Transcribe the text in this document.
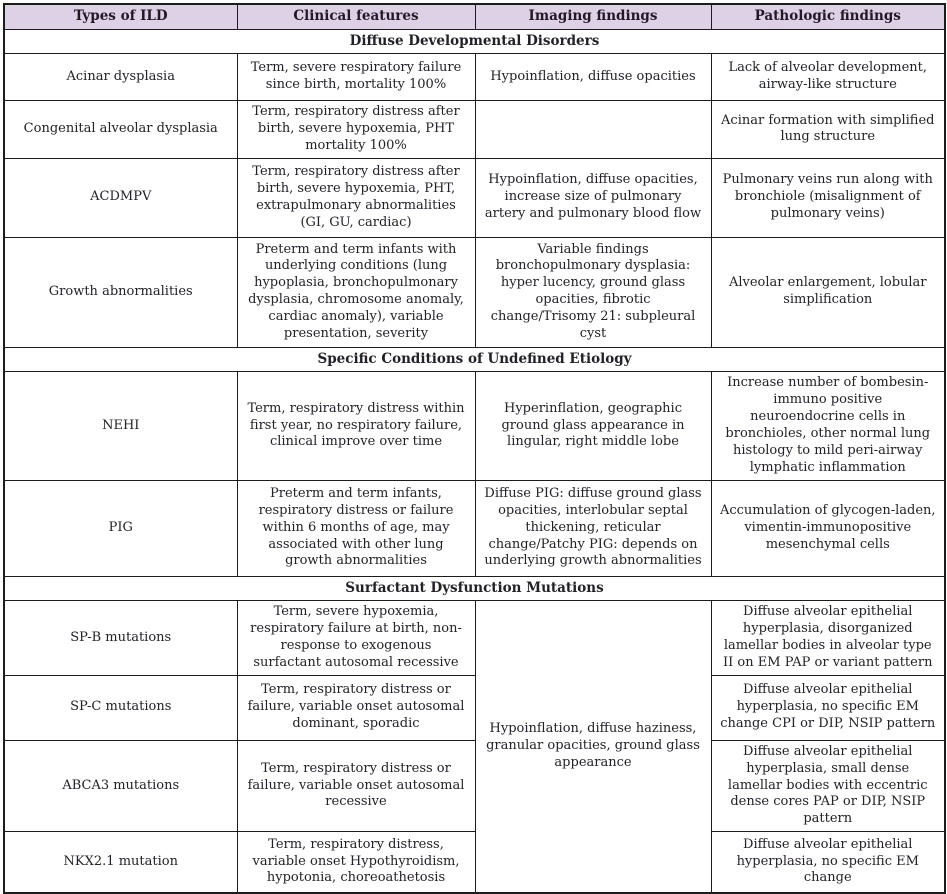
Types of ILD	Clinical features	Imaging findings	Pathologic findings
Diffuse Developmental Disorders			
Acinar dysplasia	Term, severe respiratory failure since birth, mortality 100%	Hypoinflation, diffuse opacities	Lack of alveolar development, airway-like structure
Congenital alveolar dysplasia	Term, respiratory distress after birth, severe hypoxemia, PHT mortality 100%		Acinar formation with simplified lung structure
ACDMPV	Term, respiratory distress after birth, severe hypoxemia, PHT, extrapulmonary abnormalities (GI, GU, cardiac)	Hypoinflation, diffuse opacities, increase size of pulmonary artery and pulmonary blood flow	Pulmonary veins run along with bronchiole (misalignment of pulmonary veins)
Growth abnormalities	Preterm and term infants with underlying conditions (lung hypoplasia, bronchopulmonary dysplasia, chromosome anomaly, cardiac anomaly), variable presentation, severity	Variable findings bronchopulmonary dysplasia: hyper lucency, ground glass opacities, fibrotic change/Trisomy 21: subpleural cyst	Alveolar enlargement, lobular simplification
Specific Conditions of Undefined Etiology			
NEHI	Term, respiratory distress within first year, no respiratory failure, clinical improve over time	Hyperinflation, geographic ground glass appearance in lingular, right middle lobe	Increase number of bombesin-immuno positive neuroendocrine cells in bronchioles, other normal lung histology to mild peri-airway lymphatic inflammation
PIG	Preterm and term infants, respiratory distress or failure within 6 months of age, may associated with other lung growth abnormalities	Diffuse PIG: diffuse ground glass opacities, interlobular septal thickening, reticular change/Patchy PIG: depends on underlying growth abnormalities	Accumulation of glycogen-laden, vimentin-immunopositive mesenchymal cells
Surfactant Dysfunction Mutations			
SP-B mutations	Term, severe hypoxemia, respiratory failure at birth, non-response to exogenous surfactant autosomal recessive	Hypoinflation, diffuse haziness, granular opacities, ground glass appearance	Diffuse alveolar epithelial hyperplasia, disorganized lamellar bodies in alveolar type II on EM PAP or variant pattern
SP-C mutations	Term, respiratory distress or failure, variable onset autosomal dominant, sporadic		Diffuse alveolar epithelial hyperplasia, no specific EM change CPI or DIP, NSIP pattern
ABCA3 mutations	Term, respiratory distress or failure, variable onset autosomal recessive		Diffuse alveolar epithelial hyperplasia, small dense lamellar bodies with eccentric dense cores PAP or DIP, NSIP pattern
NKX2.1 mutation	Term, respiratory distress, variable onset Hypothyroidism, hypotonia, choreoathetosis		Diffuse alveolar epithelial hyperplasia, no specific EM change
